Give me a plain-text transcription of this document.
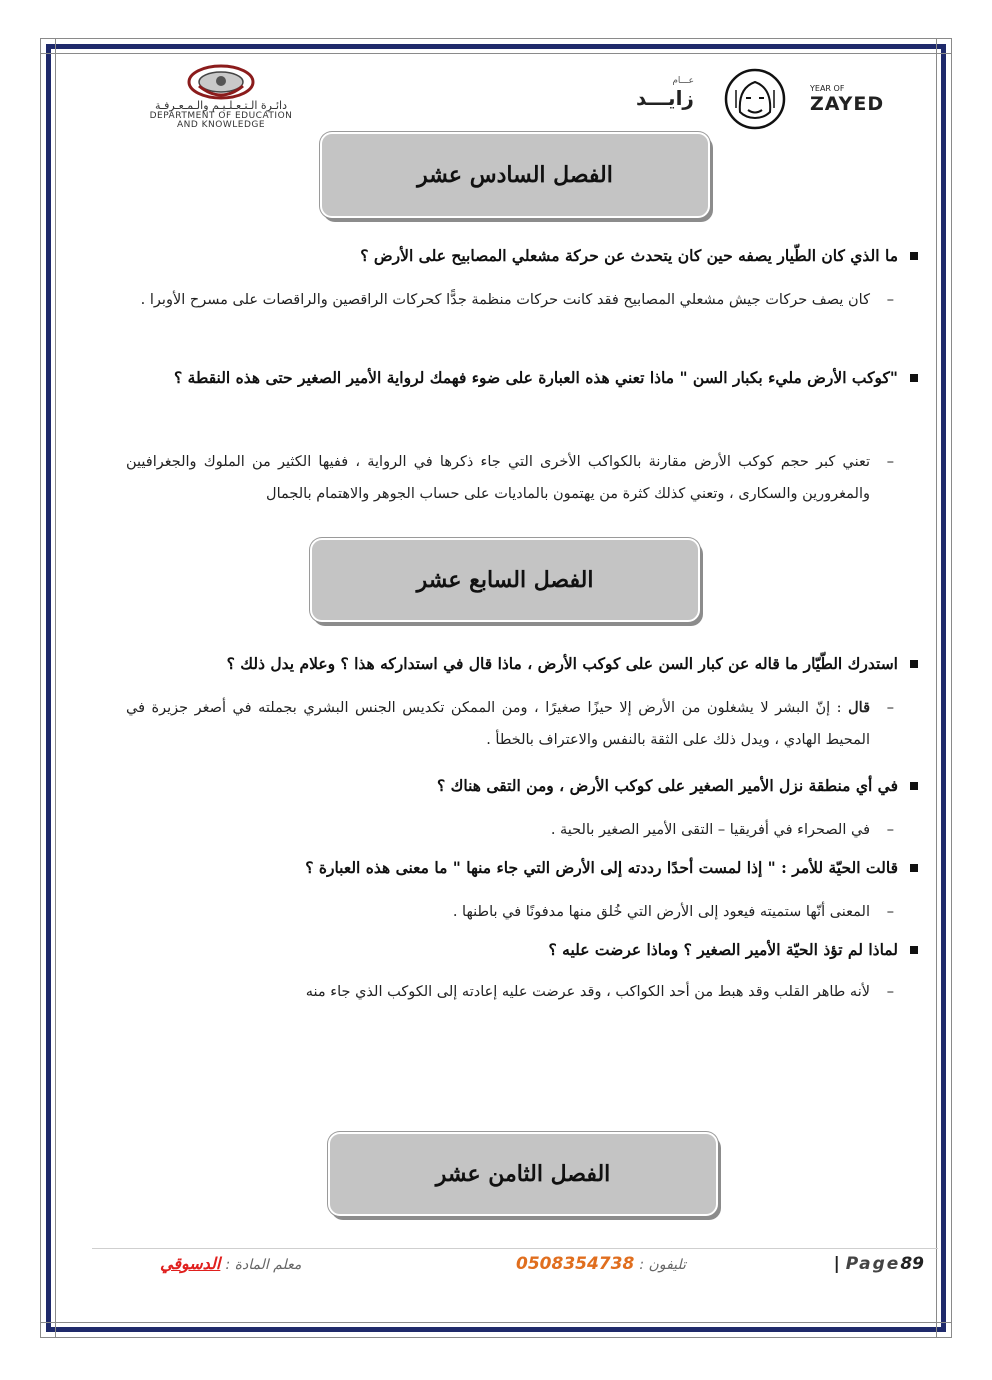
دائـرة الـتـعـلـيـم والـمـعـرفـة
DEPARTMENT OF EDUCATION
AND KNOWLEDGE
عـــام
زايـــد	YEAR OF
ZAYED
الفصل السادس عشر
ما الذي كان الطّيار يصفه حين كان يتحدث عن حركة مشعلي المصابيح على الأرض ؟
– كان يصف حركات جيش مشعلي المصابيح فقد كانت حركات منظمة جدًّا كحركات الراقصين والراقصات على مسرح الأوبرا .
"كوكب الأرض مليء بكبار السن " ماذا تعني هذه العبارة على ضوء فهمك لرواية الأمير الصغير حتى هذه النقطة ؟
– تعني كبر حجم كوكب الأرض مقارنة بالكواكب الأخرى التي جاء ذكرها في الرواية ، ففيها الكثير من الملوك والجغرافيين والمغرورين والسكارى ، وتعني كذلك كثرة من يهتمون بالماديات على حساب الجوهر والاهتمام بالجمال
الفصل السابع عشر
استدرك الطّيّار ما قاله عن كبار السن على كوكب الأرض ، ماذا قال في استداركه هذا ؟ وعلام يدل ذلك ؟
– قال : إنّ البشر لا يشغلون من الأرض إلا حيزًا صغيرًا ، ومن الممكن تكديس الجنس البشري بجملته في أصغر جزيرة في المحيط الهادي ، ويدل ذلك على الثقة بالنفس والاعتراف بالخطأ .
في أي منطقة نزل الأمير الصغير على كوكب الأرض ، ومن التقى هناك ؟
– في الصحراء في أفريقيا – التقى الأمير الصغير بالحية .
قالت الحيّة للأمر : " إذا لمست أحدًا رددته إلى الأرض التي جاء منها " ما معنى هذه العبارة ؟
– المعنى أنّها ستميته فيعود إلى الأرض التي خُلق منها مدفونًا في باطنها .
لماذا لم تؤذ الحيّة الأمير الصغير ؟ وماذا عرضت عليه ؟
– لأنه طاهر القلب وقد هبط من أحد الكواكب ، وقد عرضت عليه إعادته إلى الكوكب الذي جاء منه
الفصل الثامن عشر
| Page89
تليفون : 0508354738
معلم المادة : الدسوقي
